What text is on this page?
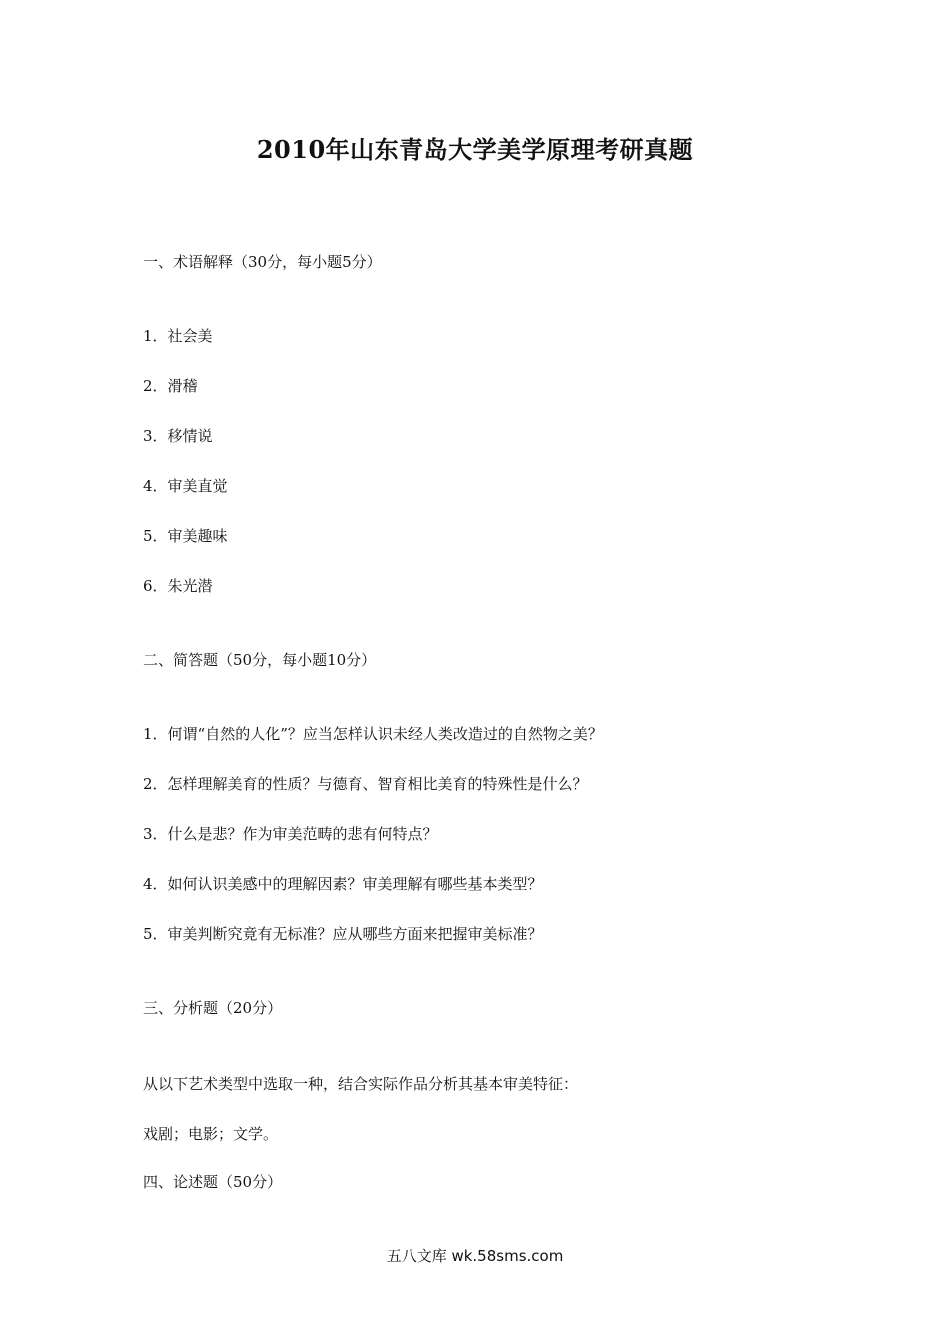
2010年山东青岛大学美学原理考研真题
一、术语解释（30分，每小题5分）
1．社会美
2．滑稽
3．移情说
4．审美直觉
5．审美趣味
6．朱光潜
二、简答题（50分，每小题10分）
1．何谓“自然的人化”？应当怎样认识未经人类改造过的自然物之美？
2．怎样理解美育的性质？与德育、智育相比美育的特殊性是什么？
3．什么是悲？作为审美范畴的悲有何特点？
4．如何认识美感中的理解因素？审美理解有哪些基本类型？
5．审美判断究竟有无标准？应从哪些方面来把握审美标准？
三、分析题（20分）
从以下艺术类型中选取一种，结合实际作品分析其基本审美特征：
戏剧；电影；文学。
四、论述题（50分）
五八文库 wk.58sms.com
